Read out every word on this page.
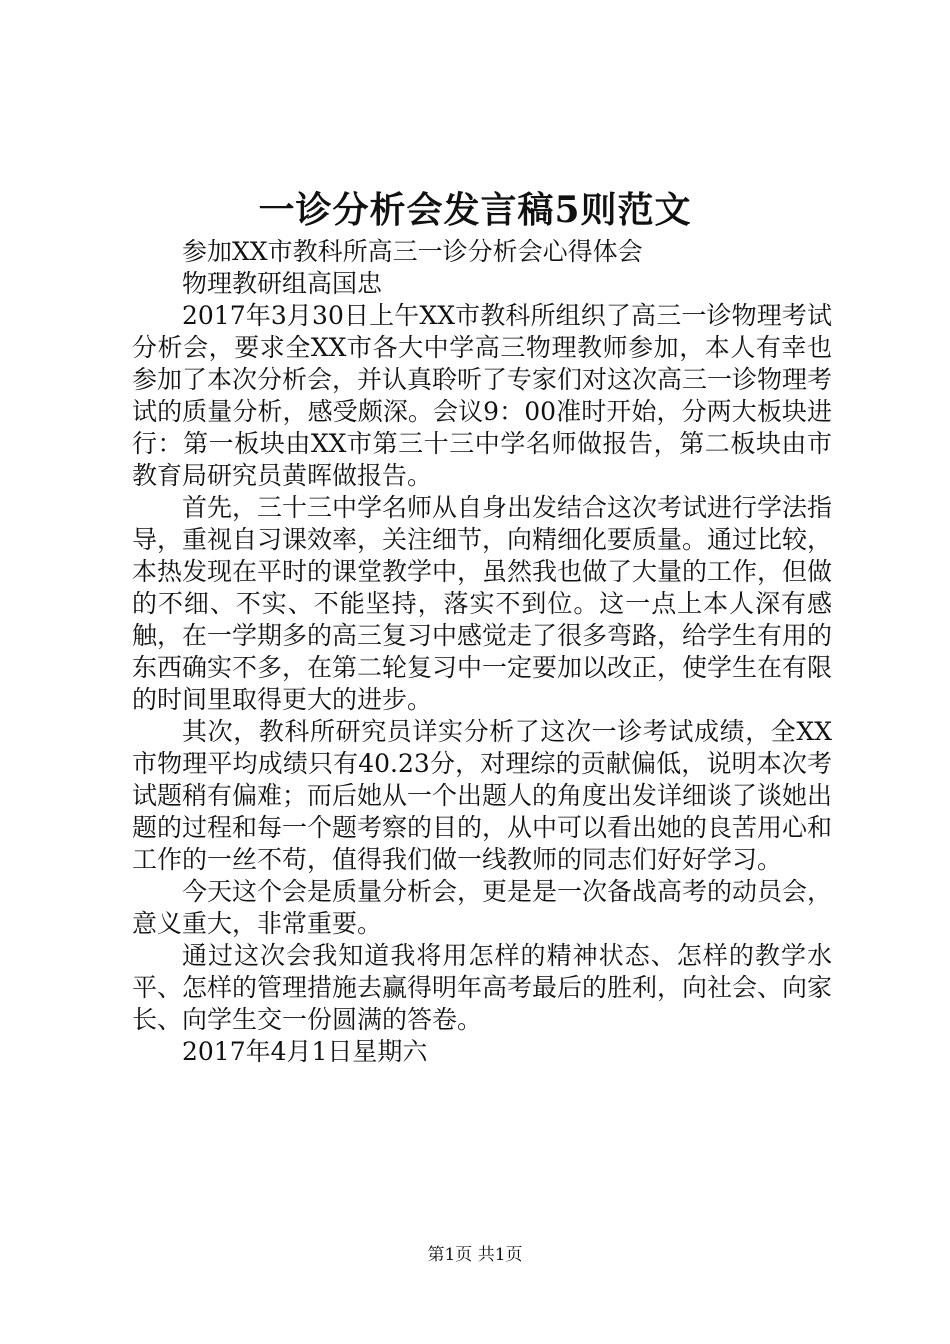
一诊分析会发言稿5则范文

参加XX市教科所高三一诊分析会心得体会

物理教研组高国忠

2017年3月30日上午XX市教科所组织了高三一诊物理考试分析会，要求全XX市各大中学高三物理教师参加，本人有幸也参加了本次分析会，并认真聆听了专家们对这次高三一诊物理考试的质量分析，感受颇深。会议9：00准时开始，分两大板块进行：第一板块由XX市第三十三中学名师做报告，第二板块由市教育局研究员黄晖做报告。

首先，三十三中学名师从自身出发结合这次考试进行学法指导，重视自习课效率，关注细节，向精细化要质量。通过比较，本热发现在平时的课堂教学中，虽然我也做了大量的工作，但做的不细、不实、不能坚持，落实不到位。这一点上本人深有感触，在一学期多的高三复习中感觉走了很多弯路，给学生有用的东西确实不多，在第二轮复习中一定要加以改正，使学生在有限的时间里取得更大的进步。

其次，教科所研究员详实分析了这次一诊考试成绩，全XX市物理平均成绩只有40.23分，对理综的贡献偏低，说明本次考试题稍有偏难；而后她从一个出题人的角度出发详细谈了谈她出题的过程和每一个题考察的目的，从中可以看出她的良苦用心和工作的一丝不苟，值得我们做一线教师的同志们好好学习。

今天这个会是质量分析会，更是是一次备战高考的动员会，意义重大，非常重要。

通过这次会我知道我将用怎样的精神状态、怎样的教学水平、怎样的管理措施去赢得明年高考最后的胜利，向社会、向家长、向学生交一份圆满的答卷。

2017年4月1日星期六

第1页 共1页
